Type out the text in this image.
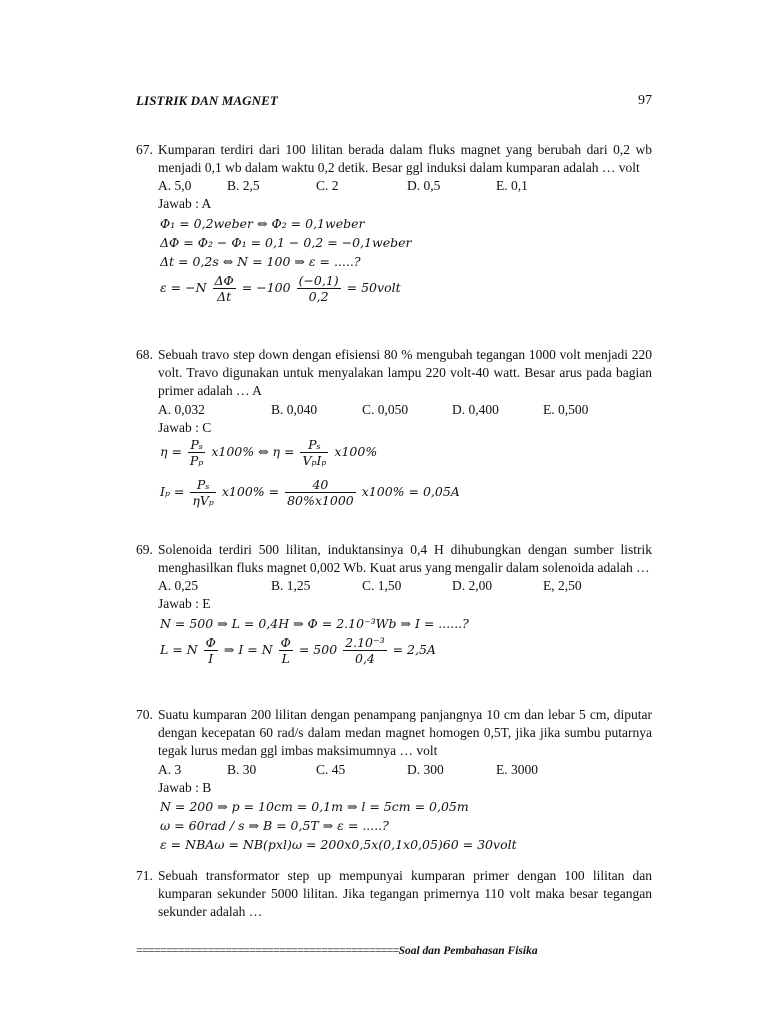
LISTRIK DAN MAGNET	97
67. Kumparan terdiri dari 100 lilitan berada dalam fluks magnet yang berubah dari 0,2 wb menjadi 0,1 wb dalam waktu 0,2 detik. Besar ggl induksi dalam kumparan adalah … volt
A. 5,0	B. 2,5	C. 2	D. 0,5	E. 0,1
Jawab : A
Φ₁ = 0,2weber ⇔ Φ₂ = 0,1weber
ΔΦ = Φ₂ − Φ₁ = 0,1 − 0,2 = −0,1weber
Δt = 0,2s ⇔ N = 100 ⇒ ε = .....?
$\varepsilon = -N \frac{\Delta\Phi}{\Delta t} = -100 \frac{(-0,1)}{0,2}$ = 50volt
68. Sebuah travo step down dengan efisiensi 80 % mengubah tegangan 1000 volt menjadi 220 volt. Travo digunakan untuk menyalakan lampu 220 volt-40 watt. Besar arus pada bagian primer adalah … A
A. 0,032	B. 0,040	C. 0,050	D. 0,400	E. 0,500
Jawab : C
$\eta = \frac{\text{Pₛ}}{\text{Pₚ}} x100\%$ ⇔ $\eta = \frac{\text{Pₛ}}{\text{VₚIₚ}} x100\%$
$I_p = \frac{\text{Pₛ}}{\text{ηVₚ}} x100\% = \frac{40}{80\%x1000} x100\% = 0,05A$
69. Solenoida terdiri 500 lilitan, induktansinya 0,4 H dihubungkan dengan sumber listrik menghasilkan fluks magnet 0,002 Wb. Kuat arus yang mengalir dalam solenoida adalah …
A. 0,25	B. 1,25	C. 1,50	D. 2,00	E, 2,50
Jawab : E
N = 500 ⇒ L = 0,4H ⇒ Φ = 2.10⁻³Wb ⇒ I = ......?
L = N $\frac{\Phi}{I}$ ⇒ I = N $\frac{\Phi}{L} = 500 \frac{\text{2.10⁻³}}{0,4} = 2,5A$
70. Suatu kumparan 200 lilitan dengan penampang panjangnya 10 cm dan lebar 5 cm, diputar dengan kecepatan 60 rad/s dalam medan magnet homogen 0,5T, jika jika sumbu putarnya tegak lurus medan ggl imbas maksimumnya … volt
A. 3	B. 30	C. 45	D. 300	E. 3000
Jawab : B
N = 200 ⇒ p = 10cm = 0,1m ⇒ l = 5cm = 0,05m
ω = 60rad / s ⇒ B = 0,5T ⇒ ε = .....?
ε = NBAω = NB(pxl)ω = 200x0,5x(0,1x0,05)60 = 30volt
71. Sebuah transformator step up mempunyai kumparan primer dengan 100 lilitan dan kumparan sekunder 5000 lilitan. Jika tegangan primernya 110 volt maka besar tegangan sekunder adalah …
============================================Soal dan Pembahasan Fisika
